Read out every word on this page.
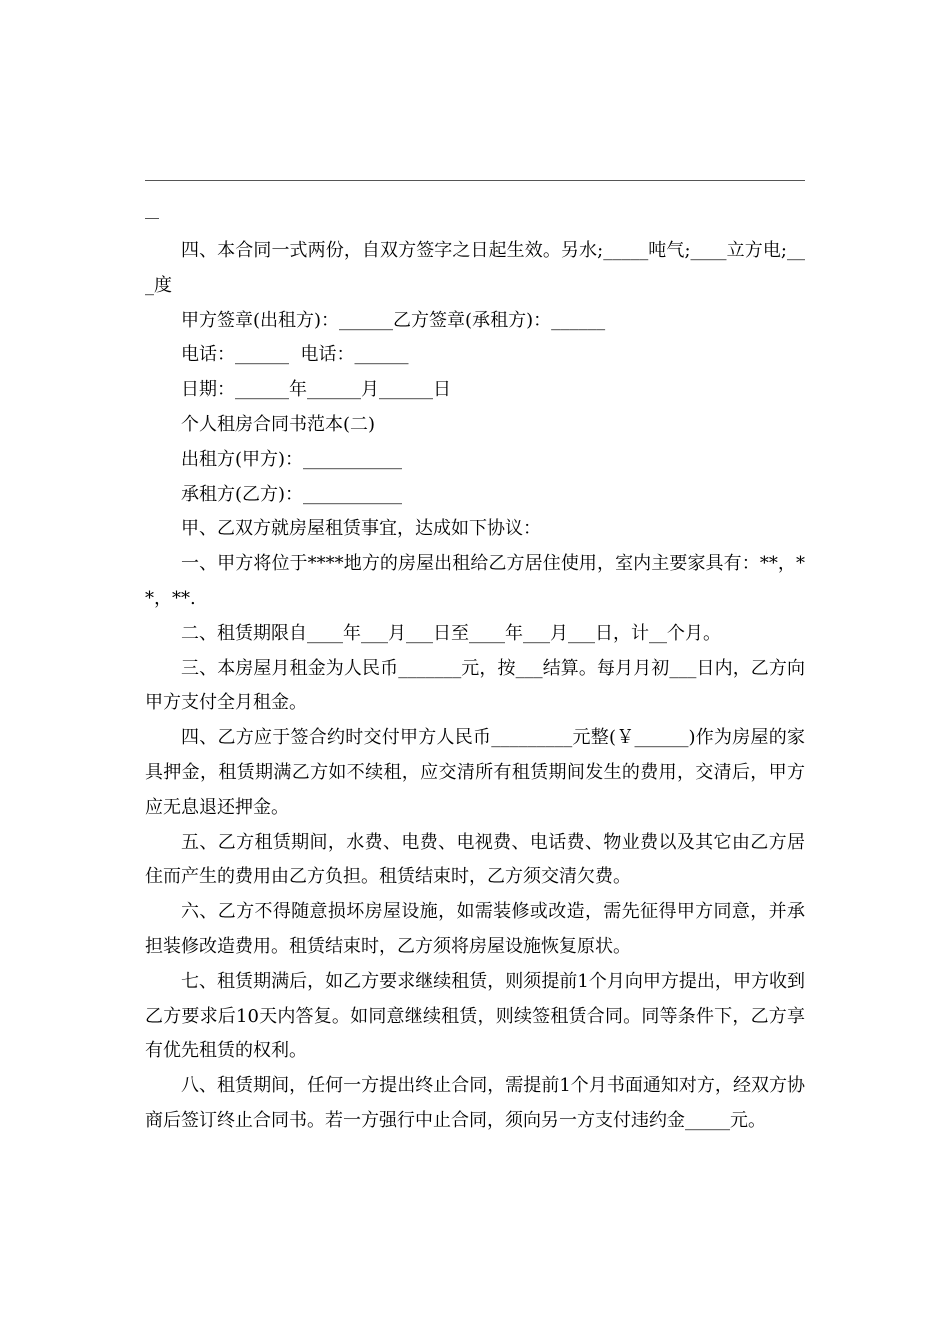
四、本合同一式两份，自双方签字之日起生效。另水;_____吨气;____立方电;___度

甲方签章(出租方)：______乙方签章(承租方)：______

电话：______  电话：______

日期：______年______月______日

个人租房合同书范本(二)

出租方(甲方)：___________

承租方(乙方)：___________

甲、乙双方就房屋租赁事宜，达成如下协议：

一、甲方将位于****地方的房屋出租给乙方居住使用，室内主要家具有：**，**，**.

二、租赁期限自____年___月___日至____年___月___日，计__个月。

三、本房屋月租金为人民币_______元，按___结算。每月月初___日内，乙方向甲方支付全月租金。

四、乙方应于签合约时交付甲方人民币_________元整(￥______)作为房屋的家具押金，租赁期满乙方如不续租，应交清所有租赁期间发生的费用，交清后，甲方应无息退还押金。

五、乙方租赁期间，水费、电费、电视费、电话费、物业费以及其它由乙方居住而产生的费用由乙方负担。租赁结束时，乙方须交清欠费。

六、乙方不得随意损坏房屋设施，如需装修或改造，需先征得甲方同意，并承担装修改造费用。租赁结束时，乙方须将房屋设施恢复原状。

七、租赁期满后，如乙方要求继续租赁，则须提前1个月向甲方提出，甲方收到乙方要求后10天内答复。如同意继续租赁，则续签租赁合同。同等条件下，乙方享有优先租赁的权利。

八、租赁期间，任何一方提出终止合同，需提前1个月书面通知对方，经双方协商后签订终止合同书。若一方强行中止合同，须向另一方支付违约金_____元。
